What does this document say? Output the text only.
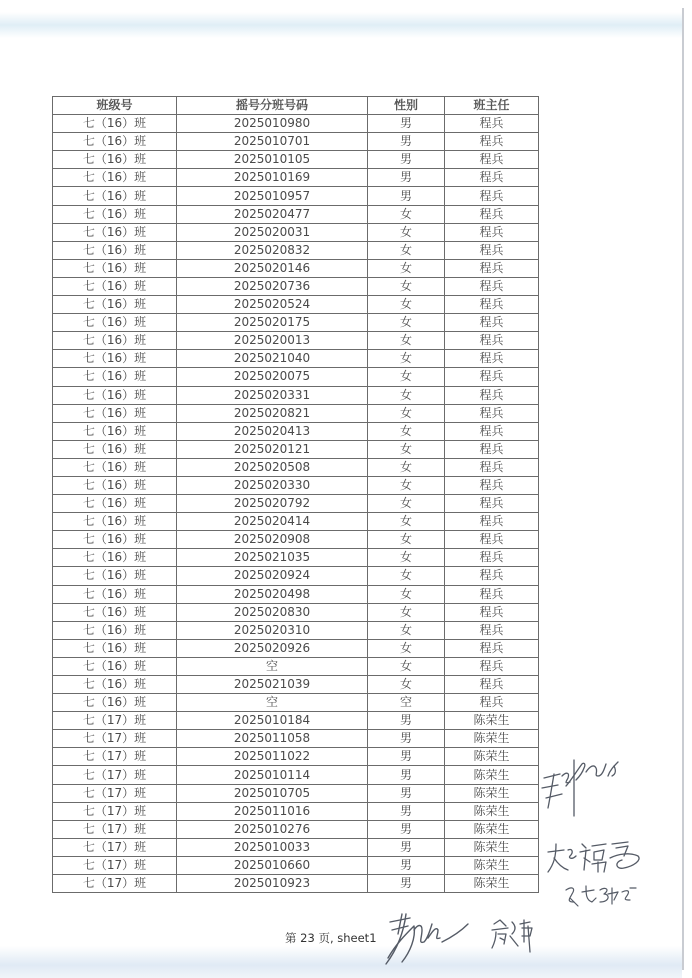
班级号	摇号分班号码	性别	班主任
七（16）班	2025010980	男	程兵
七（16）班	2025010701	男	程兵
七（16）班	2025010105	男	程兵
七（16）班	2025010169	男	程兵
七（16）班	2025010957	男	程兵
七（16）班	2025020477	女	程兵
七（16）班	2025020031	女	程兵
七（16）班	2025020832	女	程兵
七（16）班	2025020146	女	程兵
七（16）班	2025020736	女	程兵
七（16）班	2025020524	女	程兵
七（16）班	2025020175	女	程兵
七（16）班	2025020013	女	程兵
七（16）班	2025021040	女	程兵
七（16）班	2025020075	女	程兵
七（16）班	2025020331	女	程兵
七（16）班	2025020821	女	程兵
七（16）班	2025020413	女	程兵
七（16）班	2025020121	女	程兵
七（16）班	2025020508	女	程兵
七（16）班	2025020330	女	程兵
七（16）班	2025020792	女	程兵
七（16）班	2025020414	女	程兵
七（16）班	2025020908	女	程兵
七（16）班	2025021035	女	程兵
七（16）班	2025020924	女	程兵
七（16）班	2025020498	女	程兵
七（16）班	2025020830	女	程兵
七（16）班	2025020310	女	程兵
七（16）班	2025020926	女	程兵
七（16）班	空	女	程兵
七（16）班	2025021039	女	程兵
七（16）班	空	空	程兵
七（17）班	2025010184	男	陈荣生
七（17）班	2025011058	男	陈荣生
七（17）班	2025011022	男	陈荣生
七（17）班	2025010114	男	陈荣生
七（17）班	2025010705	男	陈荣生
七（17）班	2025011016	男	陈荣生
七（17）班	2025010276	男	陈荣生
七（17）班	2025010033	男	陈荣生
七（17）班	2025010660	男	陈荣生
七（17）班	2025010923	男	陈荣生
第 23 页, sheet1
